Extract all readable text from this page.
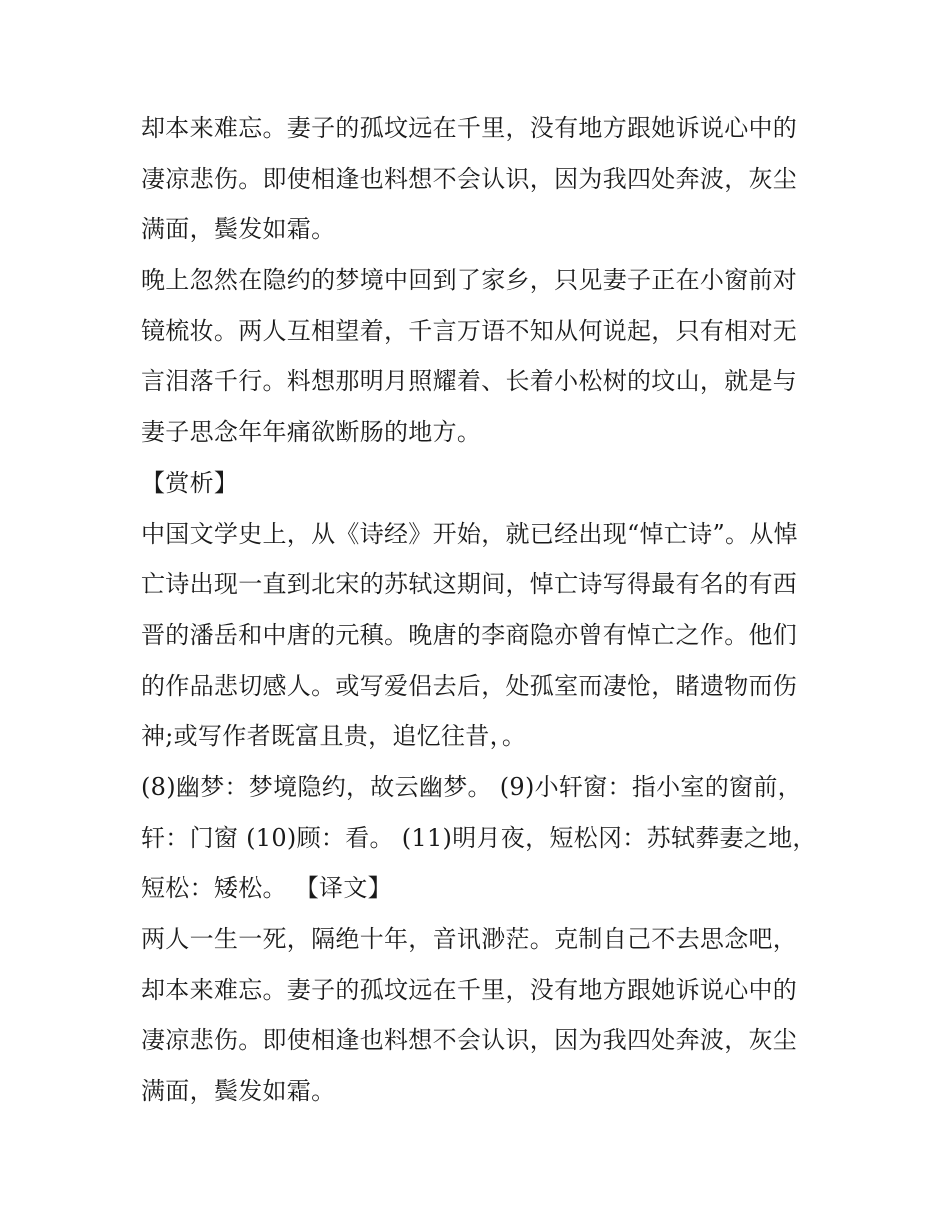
却本来难忘。妻子的孤坟远在千里，没有地方跟她诉说心中的
凄凉悲伤。即使相逢也料想不会认识，因为我四处奔波，灰尘
满面，鬓发如霜。
晚上忽然在隐约的梦境中回到了家乡，只见妻子正在小窗前对
镜梳妆。两人互相望着，千言万语不知从何说起，只有相对无
言泪落千行。料想那明月照耀着、长着小松树的坟山，就是与
妻子思念年年痛欲断肠的地方。
【赏析】
中国文学史上，从《诗经》开始，就已经出现“悼亡诗”。从悼
亡诗出现一直到北宋的苏轼这期间，悼亡诗写得最有名的有西
晋的潘岳和中唐的元稹。晚唐的李商隐亦曾有悼亡之作。他们
的作品悲切感人。或写爱侣去后，处孤室而凄怆，睹遗物而伤
神;或写作者既富且贵，追忆往昔，。
(8)幽梦：梦境隐约，故云幽梦。 (9)小轩窗：指小室的窗前，
轩：门窗 (10)顾：看。 (11)明月夜，短松冈：苏轼葬妻之地，
短松：矮松。 【译文】
两人一生一死，隔绝十年，音讯渺茫。克制自己不去思念吧，
却本来难忘。妻子的孤坟远在千里，没有地方跟她诉说心中的
凄凉悲伤。即使相逢也料想不会认识，因为我四处奔波，灰尘
满面，鬓发如霜。
